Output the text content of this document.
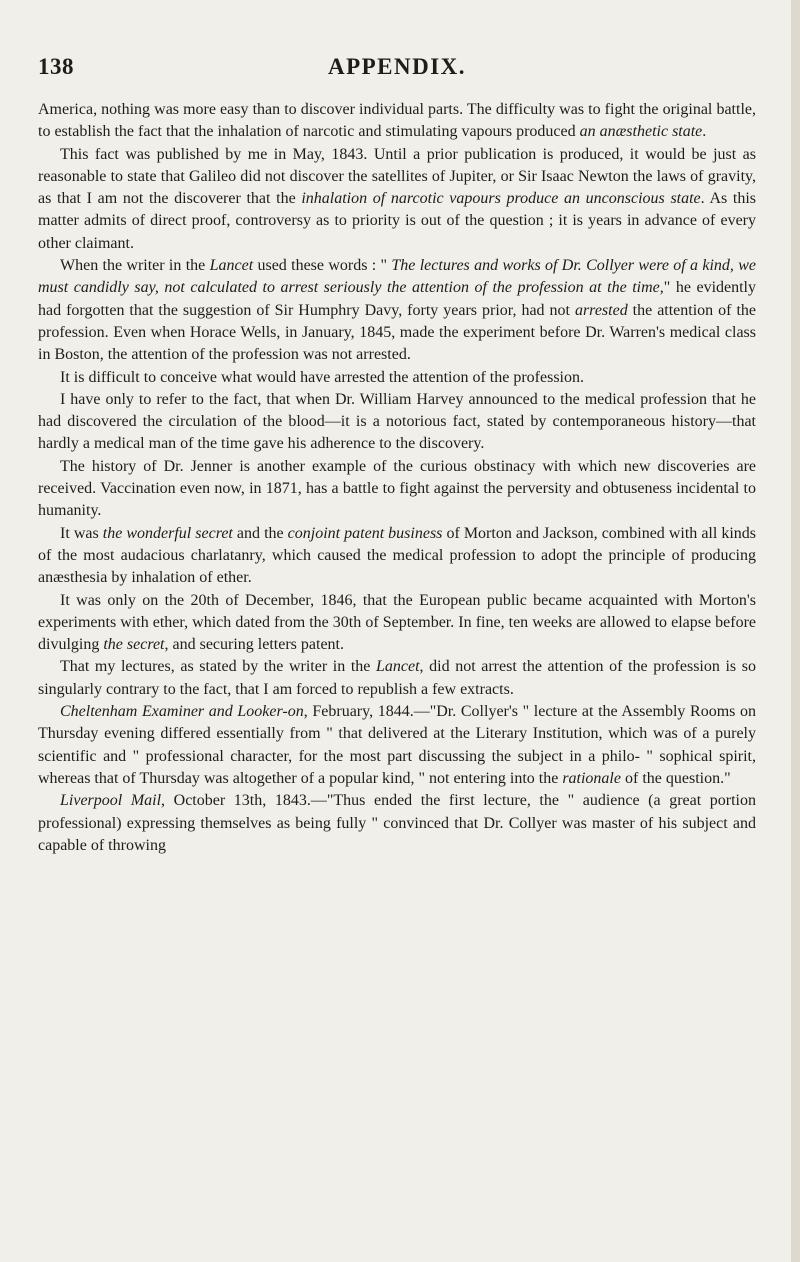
138	APPENDIX.

America, nothing was more easy than to discover individual parts. The difficulty was to fight the original battle, to establish the fact that the inhalation of narcotic and stimulating vapours produced an anæsthetic state.

This fact was published by me in May, 1843. Until a prior publication is produced, it would be just as reasonable to state that Galileo did not discover the satellites of Jupiter, or Sir Isaac Newton the laws of gravity, as that I am not the discoverer that the inhalation of narcotic vapours produce an unconscious state. As this matter admits of direct proof, controversy as to priority is out of the question ; it is years in advance of every other claimant.

When the writer in the Lancet used these words : " The lectures and works of Dr. Collyer were of a kind, we must candidly say, not calculated to arrest seriously the attention of the profession at the time," he evidently had forgotten that the suggestion of Sir Humphry Davy, forty years prior, had not arrested the attention of the profession. Even when Horace Wells, in January, 1845, made the experiment before Dr. Warren's medical class in Boston, the attention of the profession was not arrested.

It is difficult to conceive what would have arrested the attention of the profession.

I have only to refer to the fact, that when Dr. William Harvey announced to the medical profession that he had discovered the circulation of the blood—it is a notorious fact, stated by contemporaneous history—that hardly a medical man of the time gave his adherence to the discovery.

The history of Dr. Jenner is another example of the curious obstinacy with which new discoveries are received. Vaccination even now, in 1871, has a battle to fight against the perversity and obtuseness incidental to humanity.

It was the wonderful secret and the conjoint patent business of Morton and Jackson, combined with all kinds of the most audacious charlatanry, which caused the medical profession to adopt the principle of producing anæsthesia by inhalation of ether.

It was only on the 20th of December, 1846, that the European public became acquainted with Morton's experiments with ether, which dated from the 30th of September. In fine, ten weeks are allowed to elapse before divulging the secret, and securing letters patent.

That my lectures, as stated by the writer in the Lancet, did not arrest the attention of the profession is so singularly contrary to the fact, that I am forced to republish a few extracts.

Cheltenham Examiner and Looker-on, February, 1844.—"Dr. Collyer's " lecture at the Assembly Rooms on Thursday evening differed essentially from " that delivered at the Literary Institution, which was of a purely scientific and " professional character, for the most part discussing the subject in a philo- " sophical spirit, whereas that of Thursday was altogether of a popular kind, " not entering into the rationale of the question."

Liverpool Mail, October 13th, 1843.—"Thus ended the first lecture, the " audience (a great portion professional) expressing themselves as being fully " convinced that Dr. Collyer was master of his subject and capable of throwing
